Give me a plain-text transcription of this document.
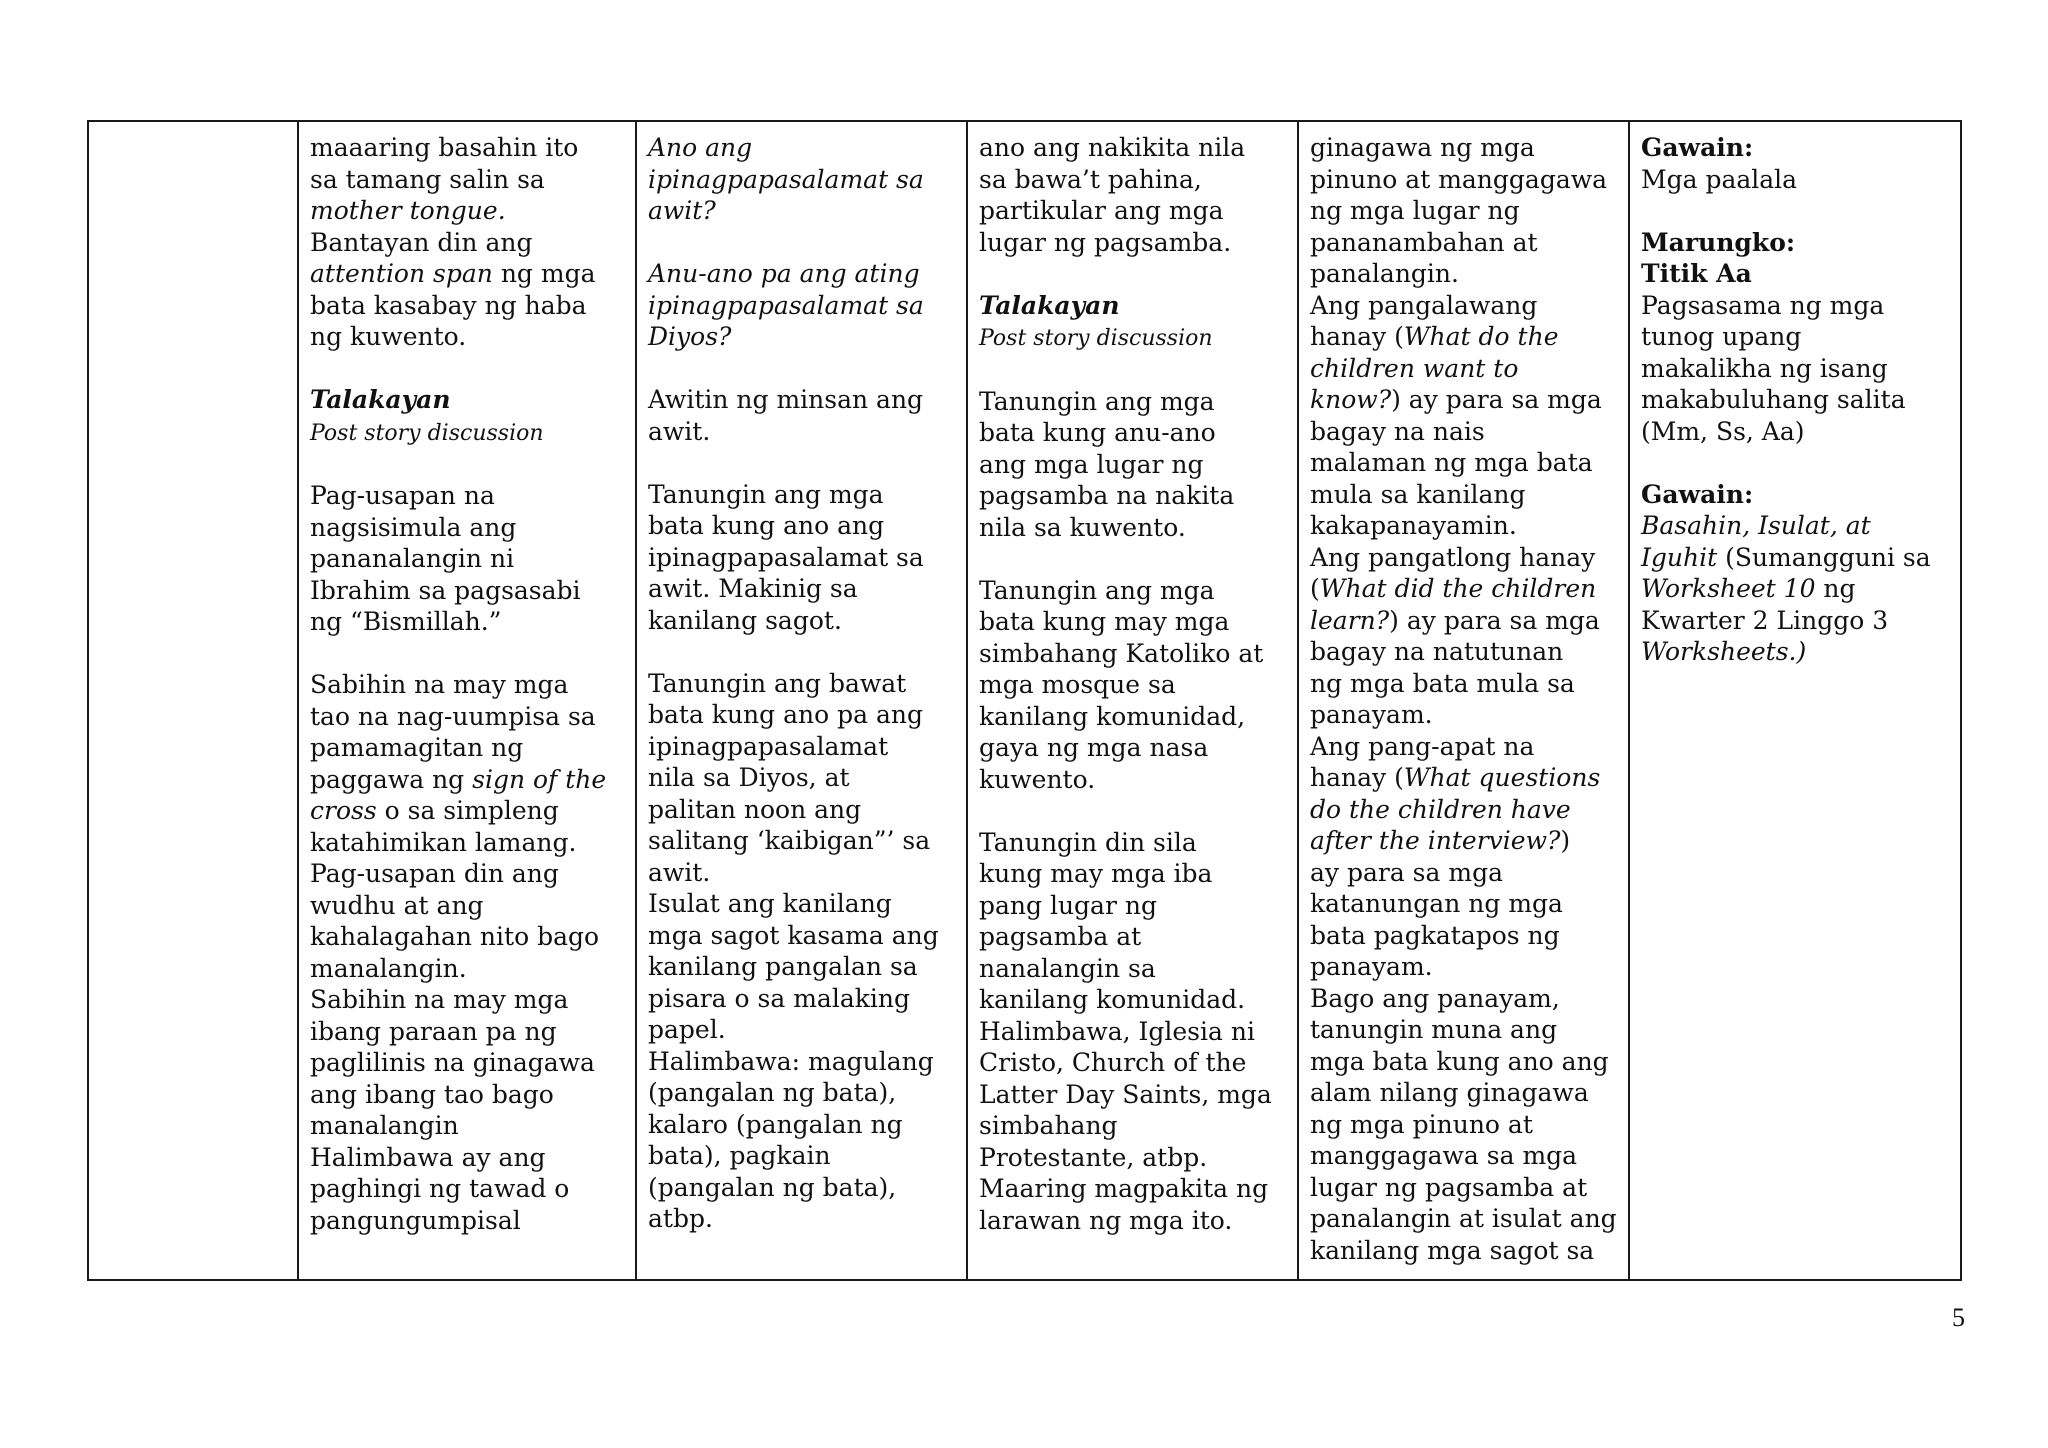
maaaring basahin ito
sa tamang salin sa
mother tongue.
Bantayan din ang
attention span ng mga
bata kasabay ng haba
ng kuwento.
Talakayan
Post story discussion
Pag-usapan na
nagsisimula ang
pananalangin ni
Ibrahim sa pagsasabi
ng “Bismillah.”
Sabihin na may mga
tao na nag-uumpisa sa
pamamagitan ng
paggawa ng sign of the
cross o sa simpleng
katahimikan lamang.
Pag-usapan din ang
wudhu at ang
kahalagahan nito bago
manalangin.
Sabihin na may mga
ibang paraan pa ng
paglilinis na ginagawa
ang ibang tao bago
manalangin
Halimbawa ay ang
paghingi ng tawad o
pangungumpisal

Ano ang
ipinagpapasalamat sa
awit?
Anu-ano pa ang ating
ipinagpapasalamat sa
Diyos?
Awitin ng minsan ang
awit.
Tanungin ang mga
bata kung ano ang
ipinagpapasalamat sa
awit. Makinig sa
kanilang sagot.
Tanungin ang bawat
bata kung ano pa ang
ipinagpapasalamat
nila sa Diyos, at
palitan noon ang
salitang ‘kaibigan”’ sa
awit.
Isulat ang kanilang
mga sagot kasama ang
kanilang pangalan sa
pisara o sa malaking
papel.
Halimbawa: magulang
(pangalan ng bata),
kalaro (pangalan ng
bata), pagkain
(pangalan ng bata),
atbp.

ano ang nakikita nila
sa bawa’t pahina,
partikular ang mga
lugar ng pagsamba.
Talakayan
Post story discussion
Tanungin ang mga
bata kung anu-ano
ang mga lugar ng
pagsamba na nakita
nila sa kuwento.
Tanungin ang mga
bata kung may mga
simbahang Katoliko at
mga mosque sa
kanilang komunidad,
gaya ng mga nasa
kuwento.
Tanungin din sila
kung may mga iba
pang lugar ng
pagsamba at
nanalangin sa
kanilang komunidad.
Halimbawa, Iglesia ni
Cristo, Church of the
Latter Day Saints, mga
simbahang
Protestante, atbp.
Maaring magpakita ng
larawan ng mga ito.

ginagawa ng mga
pinuno at manggagawa
ng mga lugar ng
pananambahan at
panalangin.
Ang pangalawang
hanay (What do the
children want to
know?) ay para sa mga
bagay na nais
malaman ng mga bata
mula sa kanilang
kakapanayamin.
Ang pangatlong hanay
(What did the children
learn?) ay para sa mga
bagay na natutunan
ng mga bata mula sa
panayam.
Ang pang-apat na
hanay (What questions
do the children have
after the interview?)
ay para sa mga
katanungan ng mga
bata pagkatapos ng
panayam.
Bago ang panayam,
tanungin muna ang
mga bata kung ano ang
alam nilang ginagawa
ng mga pinuno at
manggagawa sa mga
lugar ng pagsamba at
panalangin at isulat ang
kanilang mga sagot sa

Gawain:
Mga paalala
Marungko:
Titik Aa
Pagsasama ng mga
tunog upang
makalikha ng isang
makabuluhang salita
(Mm, Ss, Aa)
Gawain:
Basahin, Isulat, at
Iguhit (Sumangguni sa
Worksheet 10 ng
Kwarter 2 Linggo 3
Worksheets.)
5
